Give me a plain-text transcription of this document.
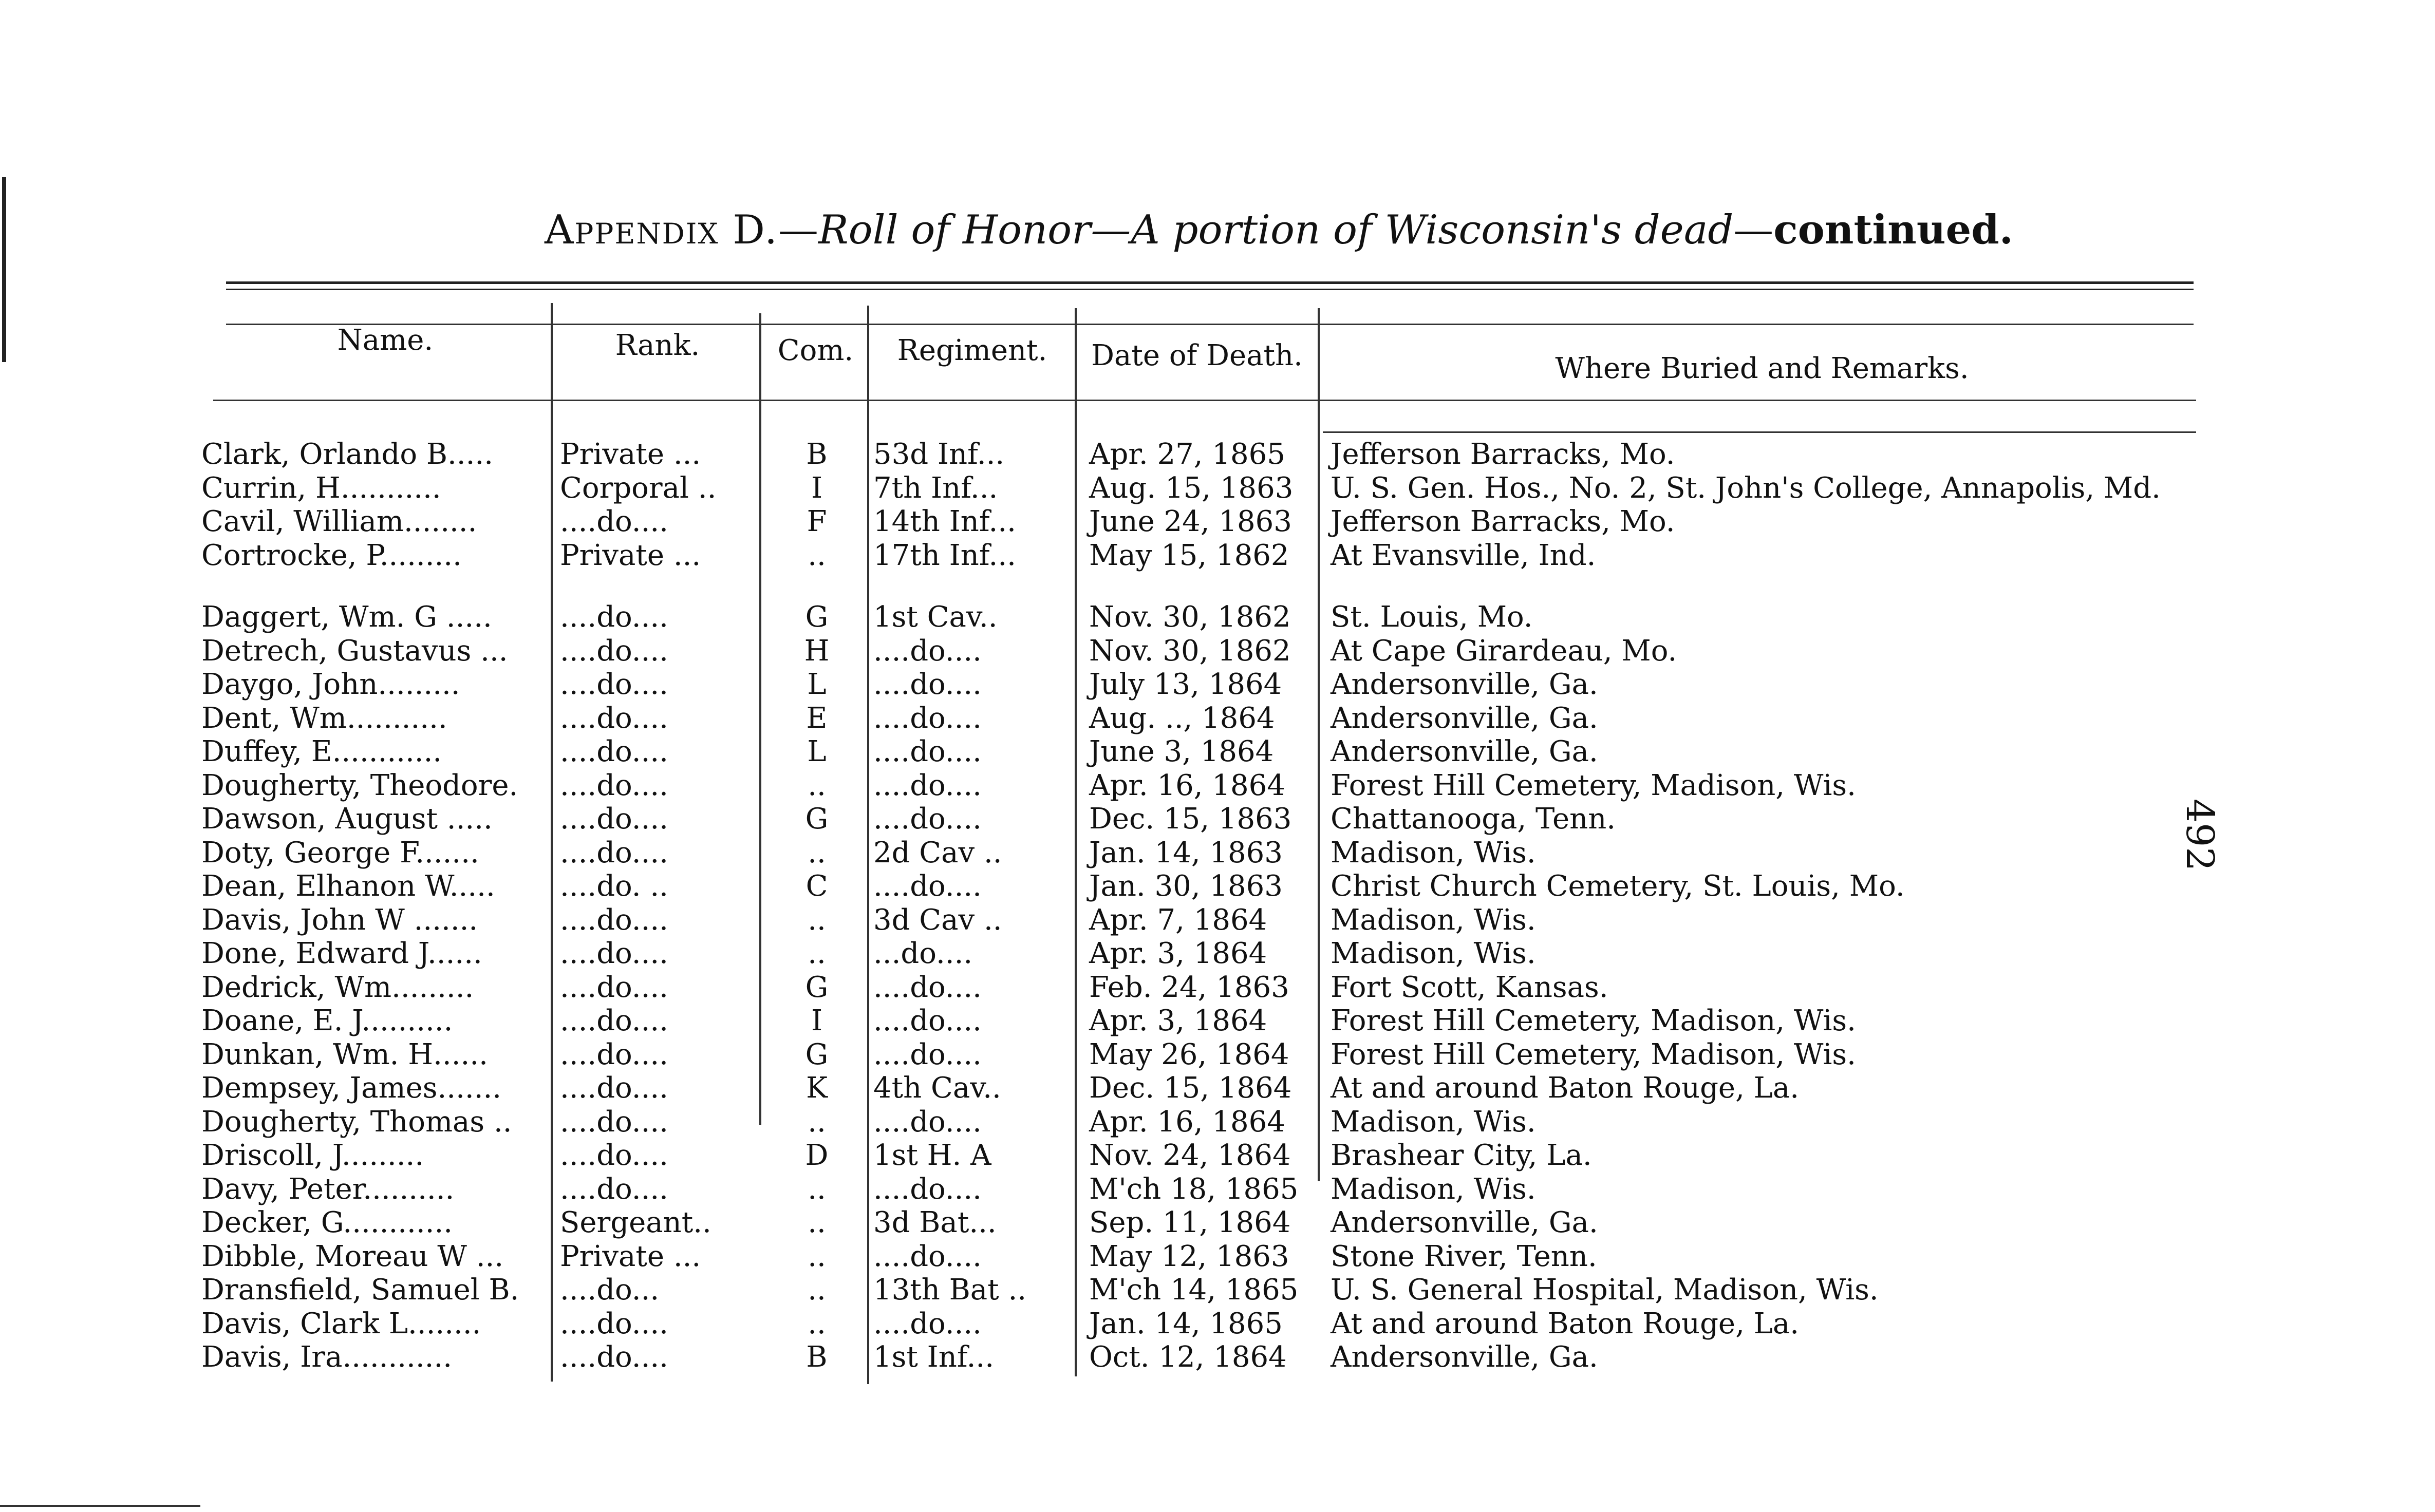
Appendix D.—Roll of Honor—A portion of Wisconsin's dead—continued.
Name.	Rank.	Com.	Regiment.	Date of Death.	Where Buried and Remarks.
Clark, Orlando B.....	Private ...	B	53d Inf...	Apr. 27, 1865	Jefferson Barracks, Mo.
Currin, H...........	Corporal ..	I	7th Inf...	Aug. 15, 1863	U. S. Gen. Hos., No. 2, St. John's College, Annapolis, Md.
Cavil, William........	....do....	F	14th Inf...	June 24, 1863	Jefferson Barracks, Mo.
Cortrocke, P.........	Private ...	..	17th Inf...	May 15, 1862	At Evansville, Ind.
Daggert, Wm. G .....	....do....	G	1st Cav..	Nov. 30, 1862	St. Louis, Mo.
Detrech, Gustavus ...	....do....	H	....do....	Nov. 30, 1862	At Cape Girardeau, Mo.
Daygo, John.........	....do....	L	....do....	July 13, 1864	Andersonville, Ga.
Dent, Wm...........	....do....	E	....do....	Aug. .., 1864	Andersonville, Ga.
Duffey, E............	....do....	L	....do....	June 3, 1864	Andersonville, Ga.
Dougherty, Theodore.	....do....	..	....do....	Apr. 16, 1864	Forest Hill Cemetery, Madison, Wis.
Dawson, August .....	....do....	G	....do....	Dec. 15, 1863	Chattanooga, Tenn.
Doty, George F.......	....do....	..	2d Cav ..	Jan. 14, 1863	Madison, Wis.
Dean, Elhanon W.....	....do. ..	C	....do....	Jan. 30, 1863	Christ Church Cemetery, St. Louis, Mo.
Davis, John W .......	....do....	..	3d Cav ..	Apr. 7, 1864	Madison, Wis.
Done, Edward J......	....do....	..	...do....	Apr. 3, 1864	Madison, Wis.
Dedrick, Wm.........	....do....	G	....do....	Feb. 24, 1863	Fort Scott, Kansas.
Doane, E. J..........	....do....	I	....do....	Apr. 3, 1864	Forest Hill Cemetery, Madison, Wis.
Dunkan, Wm. H......	....do....	G	....do....	May 26, 1864	Forest Hill Cemetery, Madison, Wis.
Dempsey, James.......	....do....	K	4th Cav..	Dec. 15, 1864	At and around Baton Rouge, La.
Dougherty, Thomas ..	....do....	..	....do....	Apr. 16, 1864	Madison, Wis.
Driscoll, J.........	....do....	D	1st H. A	Nov. 24, 1864	Brashear City, La.
Davy, Peter..........	....do....	..	....do....	M'ch 18, 1865	Madison, Wis.
Decker, G............	Sergeant..	..	3d Bat...	Sep. 11, 1864	Andersonville, Ga.
Dibble, Moreau W ...	Private ...	..	....do....	May 12, 1863	Stone River, Tenn.
Dransfield, Samuel B.	....do...	..	13th Bat ..	M'ch 14, 1865	U. S. General Hospital, Madison, Wis.
Davis, Clark L........	....do....	..	....do....	Jan. 14, 1865	At and around Baton Rouge, La.
Davis, Ira............	....do....	B	1st Inf...	Oct. 12, 1864	Andersonville, Ga.
492
